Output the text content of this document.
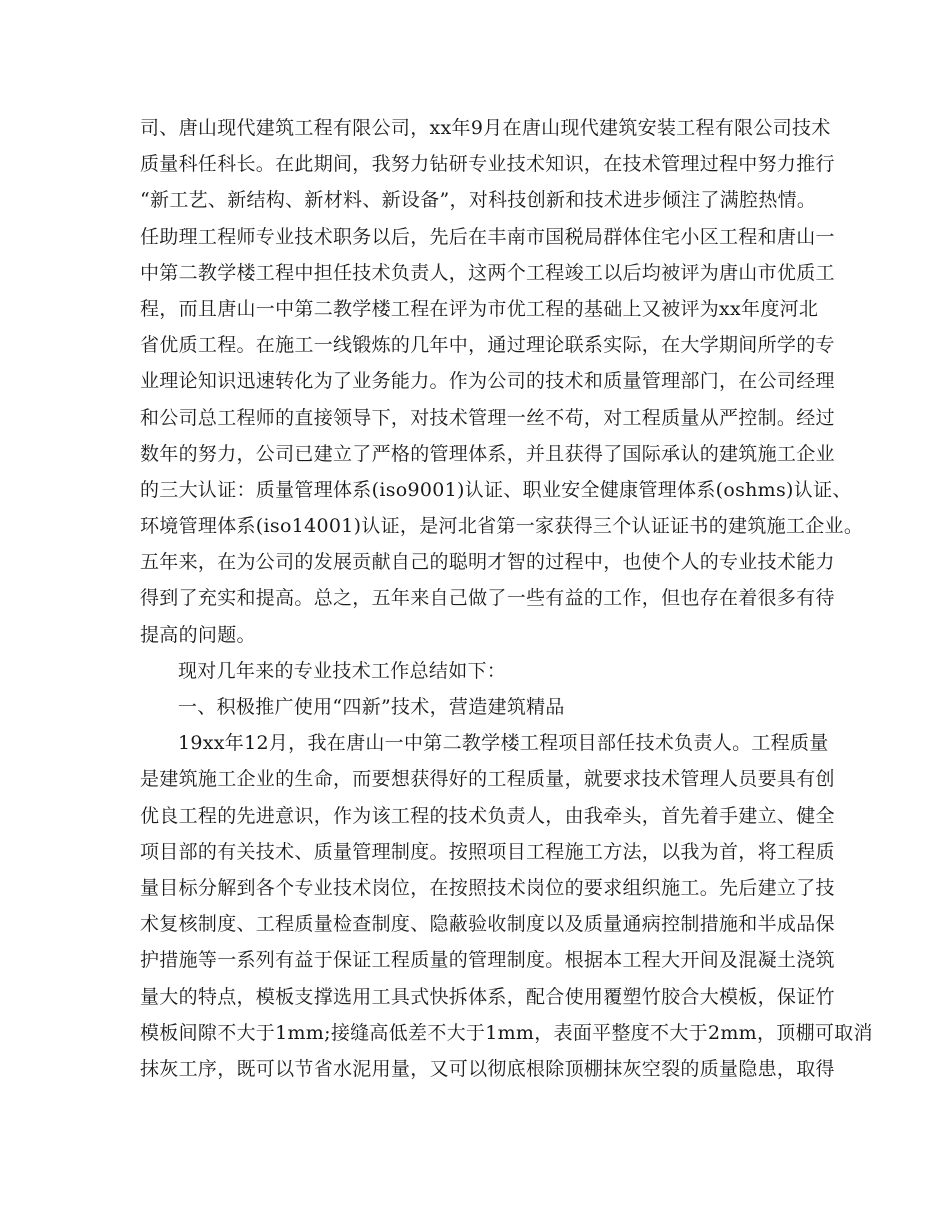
司、唐山现代建筑工程有限公司，xx年9月在唐山现代建筑安装工程有限公司技术
质量科任科长。在此期间，我努力钻研专业技术知识，在技术管理过程中努力推行
“新工艺、新结构、新材料、新设备”，对科技创新和技术进步倾注了满腔热情。
任助理工程师专业技术职务以后，先后在丰南市国税局群体住宅小区工程和唐山一
中第二教学楼工程中担任技术负责人，这两个工程竣工以后均被评为唐山市优质工
程，而且唐山一中第二教学楼工程在评为市优工程的基础上又被评为xx年度河北
省优质工程。在施工一线锻炼的几年中，通过理论联系实际，在大学期间所学的专
业理论知识迅速转化为了业务能力。作为公司的技术和质量管理部门，在公司经理
和公司总工程师的直接领导下，对技术管理一丝不苟，对工程质量从严控制。经过
数年的努力，公司已建立了严格的管理体系，并且获得了国际承认的建筑施工企业
的三大认证：质量管理体系(iso9001)认证、职业安全健康管理体系(oshms)认证、
环境管理体系(iso14001)认证，是河北省第一家获得三个认证证书的建筑施工企业。
五年来，在为公司的发展贡献自己的聪明才智的过程中，也使个人的专业技术能力
得到了充实和提高。总之，五年来自己做了一些有益的工作，但也存在着很多有待
提高的问题。
现对几年来的专业技术工作总结如下：
一、积极推广使用“四新”技术，营造建筑精品
19xx年12月，我在唐山一中第二教学楼工程项目部任技术负责人。工程质量
是建筑施工企业的生命，而要想获得好的工程质量，就要求技术管理人员要具有创
优良工程的先进意识，作为该工程的技术负责人，由我牵头，首先着手建立、健全
项目部的有关技术、质量管理制度。按照项目工程施工方法，以我为首，将工程质
量目标分解到各个专业技术岗位，在按照技术岗位的要求组织施工。先后建立了技
术复核制度、工程质量检查制度、隐蔽验收制度以及质量通病控制措施和半成品保
护措施等一系列有益于保证工程质量的管理制度。根据本工程大开间及混凝土浇筑
量大的特点，模板支撑选用工具式快拆体系，配合使用覆塑竹胶合大模板，保证竹
模板间隙不大于1mm;接缝高低差不大于1mm，表面平整度不大于2mm，顶棚可取消
抹灰工序，既可以节省水泥用量，又可以彻底根除顶棚抹灰空裂的质量隐患，取得
